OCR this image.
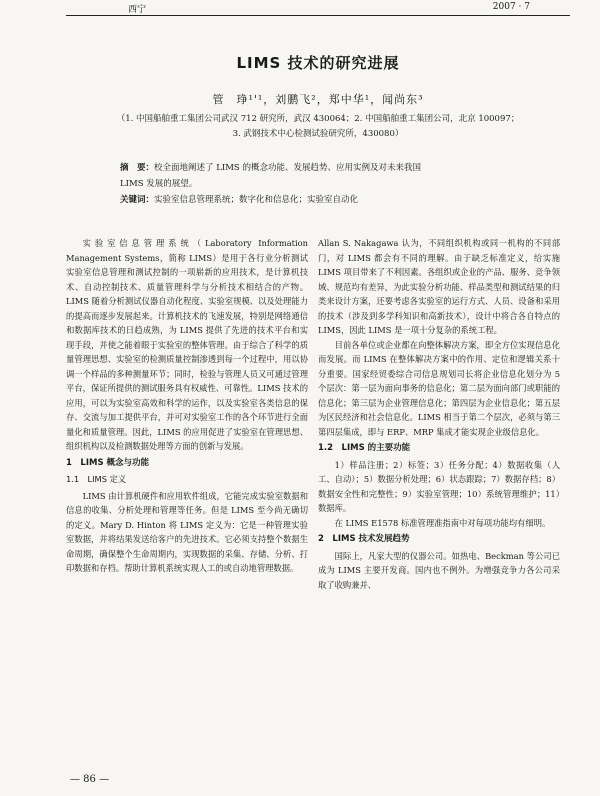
西宁	2007 · 7
LIMS 技术的研究进展
管　琤¹'¹，刘鹏飞²，郑中华¹，闻尚东³
（1. 中国船舶重工集团公司武汉 712 研究所，武汉 430064；2. 中国船舶重工集团公司，北京 100097；
3. 武钢技术中心检测试验研究所，430080）
摘　要：校全面地阐述了 LIMS 的概念功能、发展趋势、应用实例及对未来我国
LIMS 发展的展望。
关键词：实验室信息管理系统；数字化和信息化；实验室自动化

实验室信息管理系统（Laboratory Information Management Systems，简称 LIMS）是用于各行业分析测试实验室信息管理和测试控制的一项崭新的应用技术，是计算机技术、自动控制技术、质量管理科学与分析技术相结合的产物。LIMS 随着分析测试仪器自动化程度、实验室规模、以及处理能力的提高而逐步发展起来。计算机技术的飞速发展，特别是网络通信和数据库技术的日趋成熟，为 LIMS 提供了先进的技术平台和实现手段，并使之能着眼于实验室的整体管理。由于综合了科学的质量管理思想、实验室的检测质量控制渗透到每一个过程中，用以协调一个样品的多种测量环节；同时，检验与管理人员又可通过管理平台，保证所提供的测试服务具有权威性、可靠性。LIMS 技术的应用，可以为实验室高效和科学的运作，以及实验室各类信息的保存、交流与加工提供平台，并可对实验室工作的各个环节进行全面量化和质量管理。因此，LIMS 的应用促进了实验室在管理思想、组织机构以及检测数据处理等方面的创新与发展。

1　LIMS 概念与功能
1.1　LIMS 定义

LIMS 由计算机硬件和应用软件组成，它能完成实验室数据和信息的收集、分析处理和管理等任务。但是 LIMS 至今尚无确切的定义。Mary D. Hinton 将 LIMS 定义为：它是一种管理实验室数据，并将结果发送给客户的先进技术。它必须支持整个数据生命周期，确保整个生命周期内，实现数据的采集、存储、分析、打印数据和存档。帮助计算机系统实现人工的或自动地管理数据。

Allan S. Nakagawa 认为，不同组织机构或同一机构的不同部门，对 LIMS 都会有不同的理解。由于缺乏标准定义，给实施 LIMS 项目带来了不利因素。各组织或企业的产品、服务、竞争领域、规范均有差异，为此实验分析功能、样品类型和测试结果的归类来设计方案，还要考虑各实验室的运行方式、人员、设备和采用的技术（涉及到多学科知识和高新技术），设计中将合各自特点的 LIMS，因此 LIMS 是一项十分复杂的系统工程。

目前各单位或企业都在向整体解决方案，即全方位实现信息化而发展。而 LIMS 在整体解决方案中的作用、定位和逻辑关系十分重要。国家经贸委综合司信息规划司长将企业信息化划分为 5 个层次：第一层为面向事务的信息化；第二层为面向部门或职能的信息化；第三层为企业管理信息化；第四层为企业信息化；第五层为区民经济和社会信息化。LIMS 相当于第二个层次，必须与第三第四层集成，即与 ERP、MRP 集成才能实现企业级信息化。

1.2　LIMS 的主要功能

1）样品注册；2）标签；3）任务分配；4）数据收集（人工、自动）；5）数据分析处理；6）状态跟踪；7）数据存档；8）数据安全性和完整性；9）实验室管理；10）系统管理维护；11）数据库。

在 LIMS E1578 标准管理准指南中对每项功能均有细明。

2　LIMS 技术发展趋势

国际上，凡家大型的仪器公司。如热电、Beckman 等公司已成为 LIMS 主要开发商。国内也不例外。为增强竞争力各公司采取了收购兼并、

— 86 —
